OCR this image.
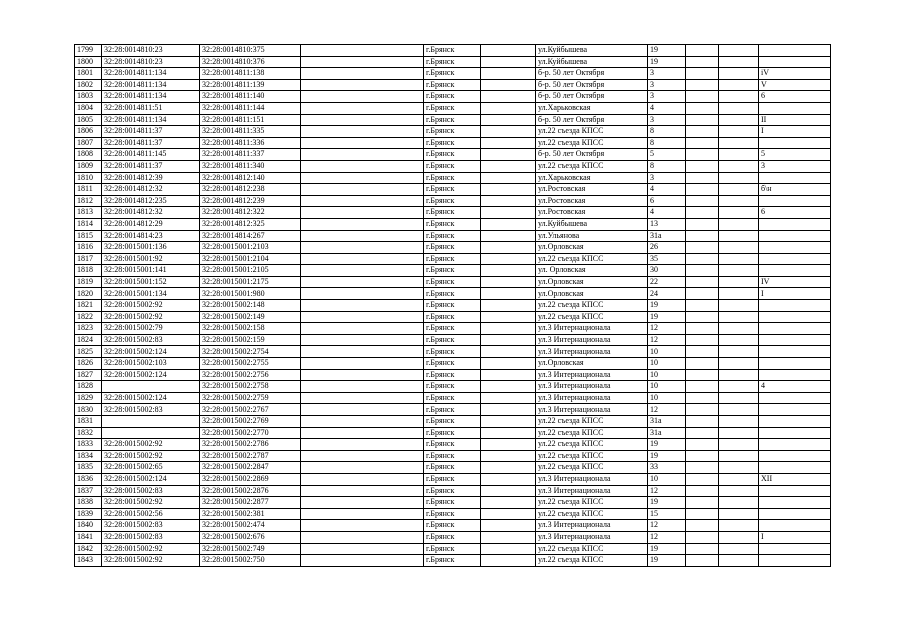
1799	32:28:0014810:23	32:28:0014810:375		г.Брянск		ул.Куйбышева	19			
1800	32:28:0014810:23	32:28:0014810:376		г.Брянск		ул.Куйбышева	19			
1801	32:28:0014811:134	32:28:0014811:138		г.Брянск		б-р. 50 лет Октября	3			iV
1802	32:28:0014811:134	32:28:0014811:139		г.Брянск		б-р. 50 лет Октября	3			V
1803	32:28:0014811:134	32:28:0014811:140		г.Брянск		б-р. 50 лет Октября	3			6
1804	32:28:0014811:51	32:28:0014811:144		г.Брянск		ул.Харьковская	4			
1805	32:28:0014811:134	32:28:0014811:151		г.Брянск		б-р. 50 лет Октября	3			II
1806	32:28:0014811:37	32:28:0014811:335		г.Брянск		ул.22 съезда КПСС	8			I
1807	32:28:0014811:37	32:28:0014811:336		г.Брянск		ул.22 съезда КПСС	8			
1808	32:28:0014811:145	32:28:0014811:337		г.Брянск		б-р. 50 лет Октября	5			5
1809	32:28:0014811:37	32:28:0014811:340		г.Брянск		ул.22 съезда КПСС	8			3
1810	32:28:0014812:39	32:28:0014812:140		г.Брянск		ул.Харьковская	3			
1811	32:28:0014812:32	32:28:0014812:238		г.Брянск		ул.Ростовская	4			б\н
1812	32:28:0014812:235	32:28:0014812:239		г.Брянск		ул.Ростовская	6			
1813	32:28:0014812:32	32:28:0014812:322		г.Брянск		ул.Ростовская	4			6
1814	32:28:0014812:29	32:28:0014812:325		г.Брянск		ул.Куйбышева	13			
1815	32:28:0014814:23	32:28:0014814:267		г.Брянск		ул.Ульянова	31а			
1816	32:28:0015001:136	32:28:0015001:2103		г.Брянск		ул.Орловская	26			
1817	32:28:0015001:92	32:28:0015001:2104		г.Брянск		ул.22 съезда КПСС	35			
1818	32:28:0015001:141	32:28:0015001:2105		г.Брянск		ул. Орловская	30			
1819	32:28:0015001:152	32:28:0015001:2175		г.Брянск		ул.Орловская	22			IV
1820	32:28:0015001:134	32:28:0015001:980		г.Брянск		ул.Орловская	24			I
1821	32:28:0015002:92	32:28:0015002:148		г.Брянск		ул.22 съезда КПСС	19			
1822	32:28:0015002:92	32:28:0015002:149		г.Брянск		ул.22 съезда КПСС	19			
1823	32:28:0015002:79	32:28:0015002:158		г.Брянск		ул.3 Интернационала	12			
1824	32:28:0015002:83	32:28:0015002:159		г.Брянск		ул.3 Интернационала	12			
1825	32:28:0015002:124	32:28:0015002:2754		г.Брянск		ул.3 Интернационала	10			
1826	32:28:0015002:103	32:28:0015002:2755		г.Брянск		ул.Орловская	10			
1827	32:28:0015002:124	32:28:0015002:2756		г.Брянск		ул.3 Интернационала	10			
1828		32:28:0015002:2758		г.Брянск		ул.3 Интернационала	10			4
1829	32:28:0015002:124	32:28:0015002:2759		г.Брянск		ул.3 Интернационала	10			
1830	32:28:0015002:83	32:28:0015002:2767		г.Брянск		ул.3 Интернационала	12			
1831		32:28:0015002:2769		г.Брянск		ул.22 съезда КПСС	31а			
1832		32:28:0015002:2770		г.Брянск		ул.22 съезда КПСС	31а			
1833	32:28:0015002:92	32:28:0015002:2786		г.Брянск		ул.22 съезда КПСС	19			
1834	32:28:0015002:92	32:28:0015002:2787		г.Брянск		ул.22 съезда КПСС	19			
1835	32:28:0015002:65	32:28:0015002:2847		г.Брянск		ул.22 съезда КПСС	33			
1836	32:28:0015002:124	32:28:0015002:2869		г.Брянск		ул.3 Интернационала	10			XII
1837	32:28:0015002:83	32:28:0015002:2876		г.Брянск		ул.3 Интернационала	12			
1838	32:28:0015002:92	32:28:0015002:2877		г.Брянск		ул.22 съезда КПСС	19			
1839	32:28:0015002:56	32:28:0015002:381		г.Брянск		ул.22 съезда КПСС	15			
1840	32:28:0015002:83	32:28:0015002:474		г.Брянск		ул.3 Интернационала	12			
1841	32:28:0015002:83	32:28:0015002:676		г.Брянск		ул.3 Интернационала	12			I
1842	32:28:0015002:92	32:28:0015002:749		г.Брянск		ул.22 съезда КПСС	19			
1843	32:28:0015002:92	32:28:0015002:750		г.Брянск		ул.22 съезда КПСС	19			
